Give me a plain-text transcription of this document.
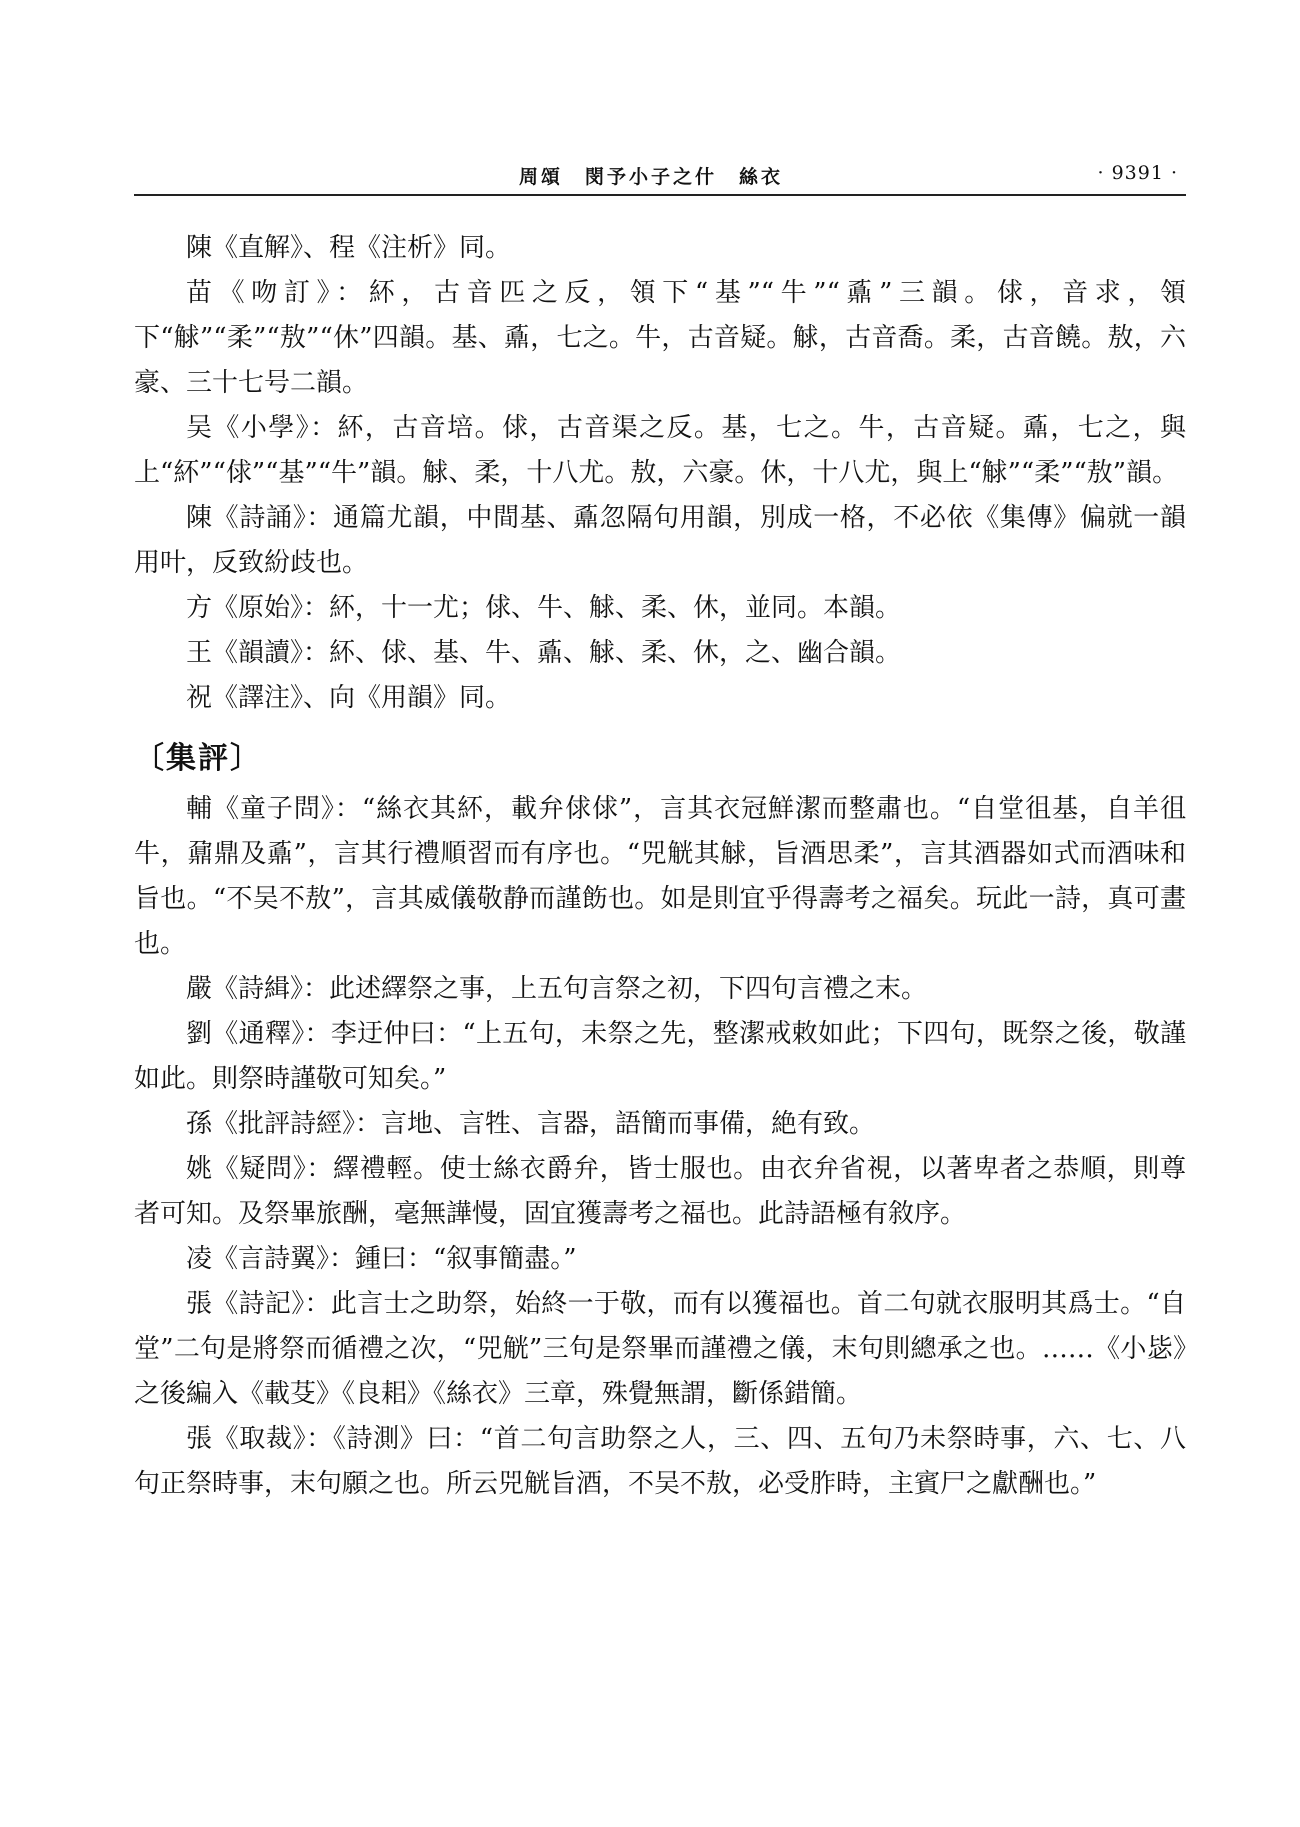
周頌　閔予小子之什　絲衣	· 9391 ·

陳《直解》、程《注析》同。

苗《吻訂》：紑，古音匹之反，領下“基”“牛”“鼒”三韻。俅，音求，領下“觩”“柔”“敖”“休”四韻。基、鼒，七之。牛，古音疑。觩，古音喬。柔，古音饒。敖，六豪、三十七号二韻。

吴《小學》：紑，古音培。俅，古音渠之反。基，七之。牛，古音疑。鼒，七之，與上“紑”“俅”“基”“牛”韻。觩、柔，十八尤。敖，六豪。休，十八尤，與上“觩”“柔”“敖”韻。

陳《詩誦》：通篇尤韻，中間基、鼒忽隔句用韻，別成一格，不必依《集傳》偏就一韻用叶，反致紛歧也。

方《原始》：紑，十一尤；俅、牛、觩、柔、休，並同。本韻。

王《韻讀》：紑、俅、基、牛、鼒、觩、柔、休，之、幽合韻。

祝《譯注》、向《用韻》同。

〔集評〕

輔《童子問》：“絲衣其紑，載弁俅俅”，言其衣冠鮮潔而整肅也。“自堂徂基，自羊徂牛，鼐鼎及鼒”，言其行禮順習而有序也。“兕觥其觩，旨酒思柔”，言其酒器如式而酒味和旨也。“不吴不敖”，言其威儀敬静而謹飭也。如是則宜乎得壽考之福矣。玩此一詩，真可畫也。

嚴《詩緝》：此述繹祭之事，上五句言祭之初，下四句言禮之末。

劉《通釋》：李迂仲曰：“上五句，未祭之先，整潔戒敕如此；下四句，既祭之後，敬謹如此。則祭時謹敬可知矣。”

孫《批評詩經》：言地、言牲、言器，語簡而事備，絶有致。

姚《疑問》：繹禮輕。使士絲衣爵弁，皆士服也。由衣弁省視，以著卑者之恭順，則尊者可知。及祭畢旅酬，毫無譁慢，固宜獲壽考之福也。此詩語極有敘序。

凌《言詩翼》：鍾曰：“叙事簡盡。”

張《詩記》：此言士之助祭，始終一于敬，而有以獲福也。首二句就衣服明其爲士。“自堂”二句是將祭而循禮之次，“兕觥”三句是祭畢而謹禮之儀，末句則總承之也。……《小毖》之後編入《載芟》《良耜》《絲衣》三章，殊覺無謂，斷係錯簡。

張《取裁》：《詩測》曰：“首二句言助祭之人，三、四、五句乃未祭時事，六、七、八句正祭時事，末句願之也。所云兕觥旨酒，不吴不敖，必受胙時，主賓尸之獻酬也。”
